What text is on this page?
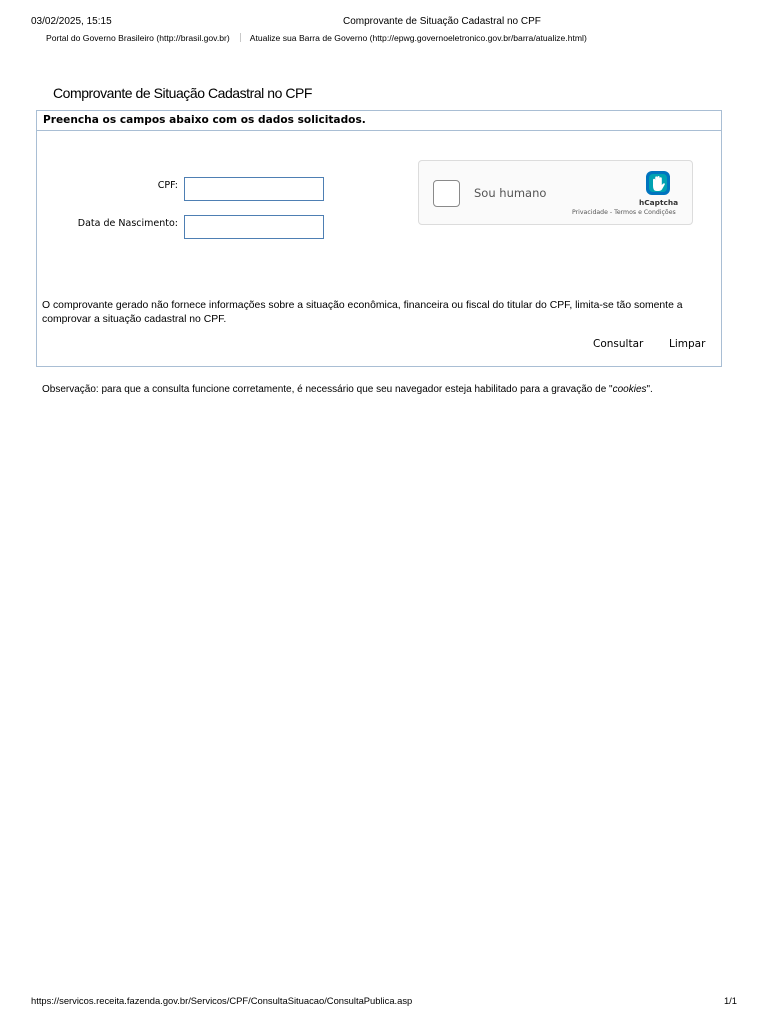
03/02/2025, 15:15	Comprovante de Situação Cadastral no CPF
Portal do Governo Brasileiro (http://brasil.gov.br) Atualize sua Barra de Governo (http://epwg.governoeletronico.gov.br/barra/atualize.html)
Comprovante de Situação Cadastral no CPF
Preencha os campos abaixo com os dados solicitados.
CPF:
Data de Nascimento:
Sou humano
hCaptcha
Privacidade - Termos e Condições

O comprovante gerado não fornece informações sobre a situação econômica, financeira ou fiscal do titular do CPF, limita-se tão somente a comprovar a situação cadastral no CPF.

Consultar Limpar

Observação: para que a consulta funcione corretamente, é necessário que seu navegador esteja habilitado para a gravação de "cookies".

https://servicos.receita.fazenda.gov.br/Servicos/CPF/ConsultaSituacao/ConsultaPublica.asp	1/1
